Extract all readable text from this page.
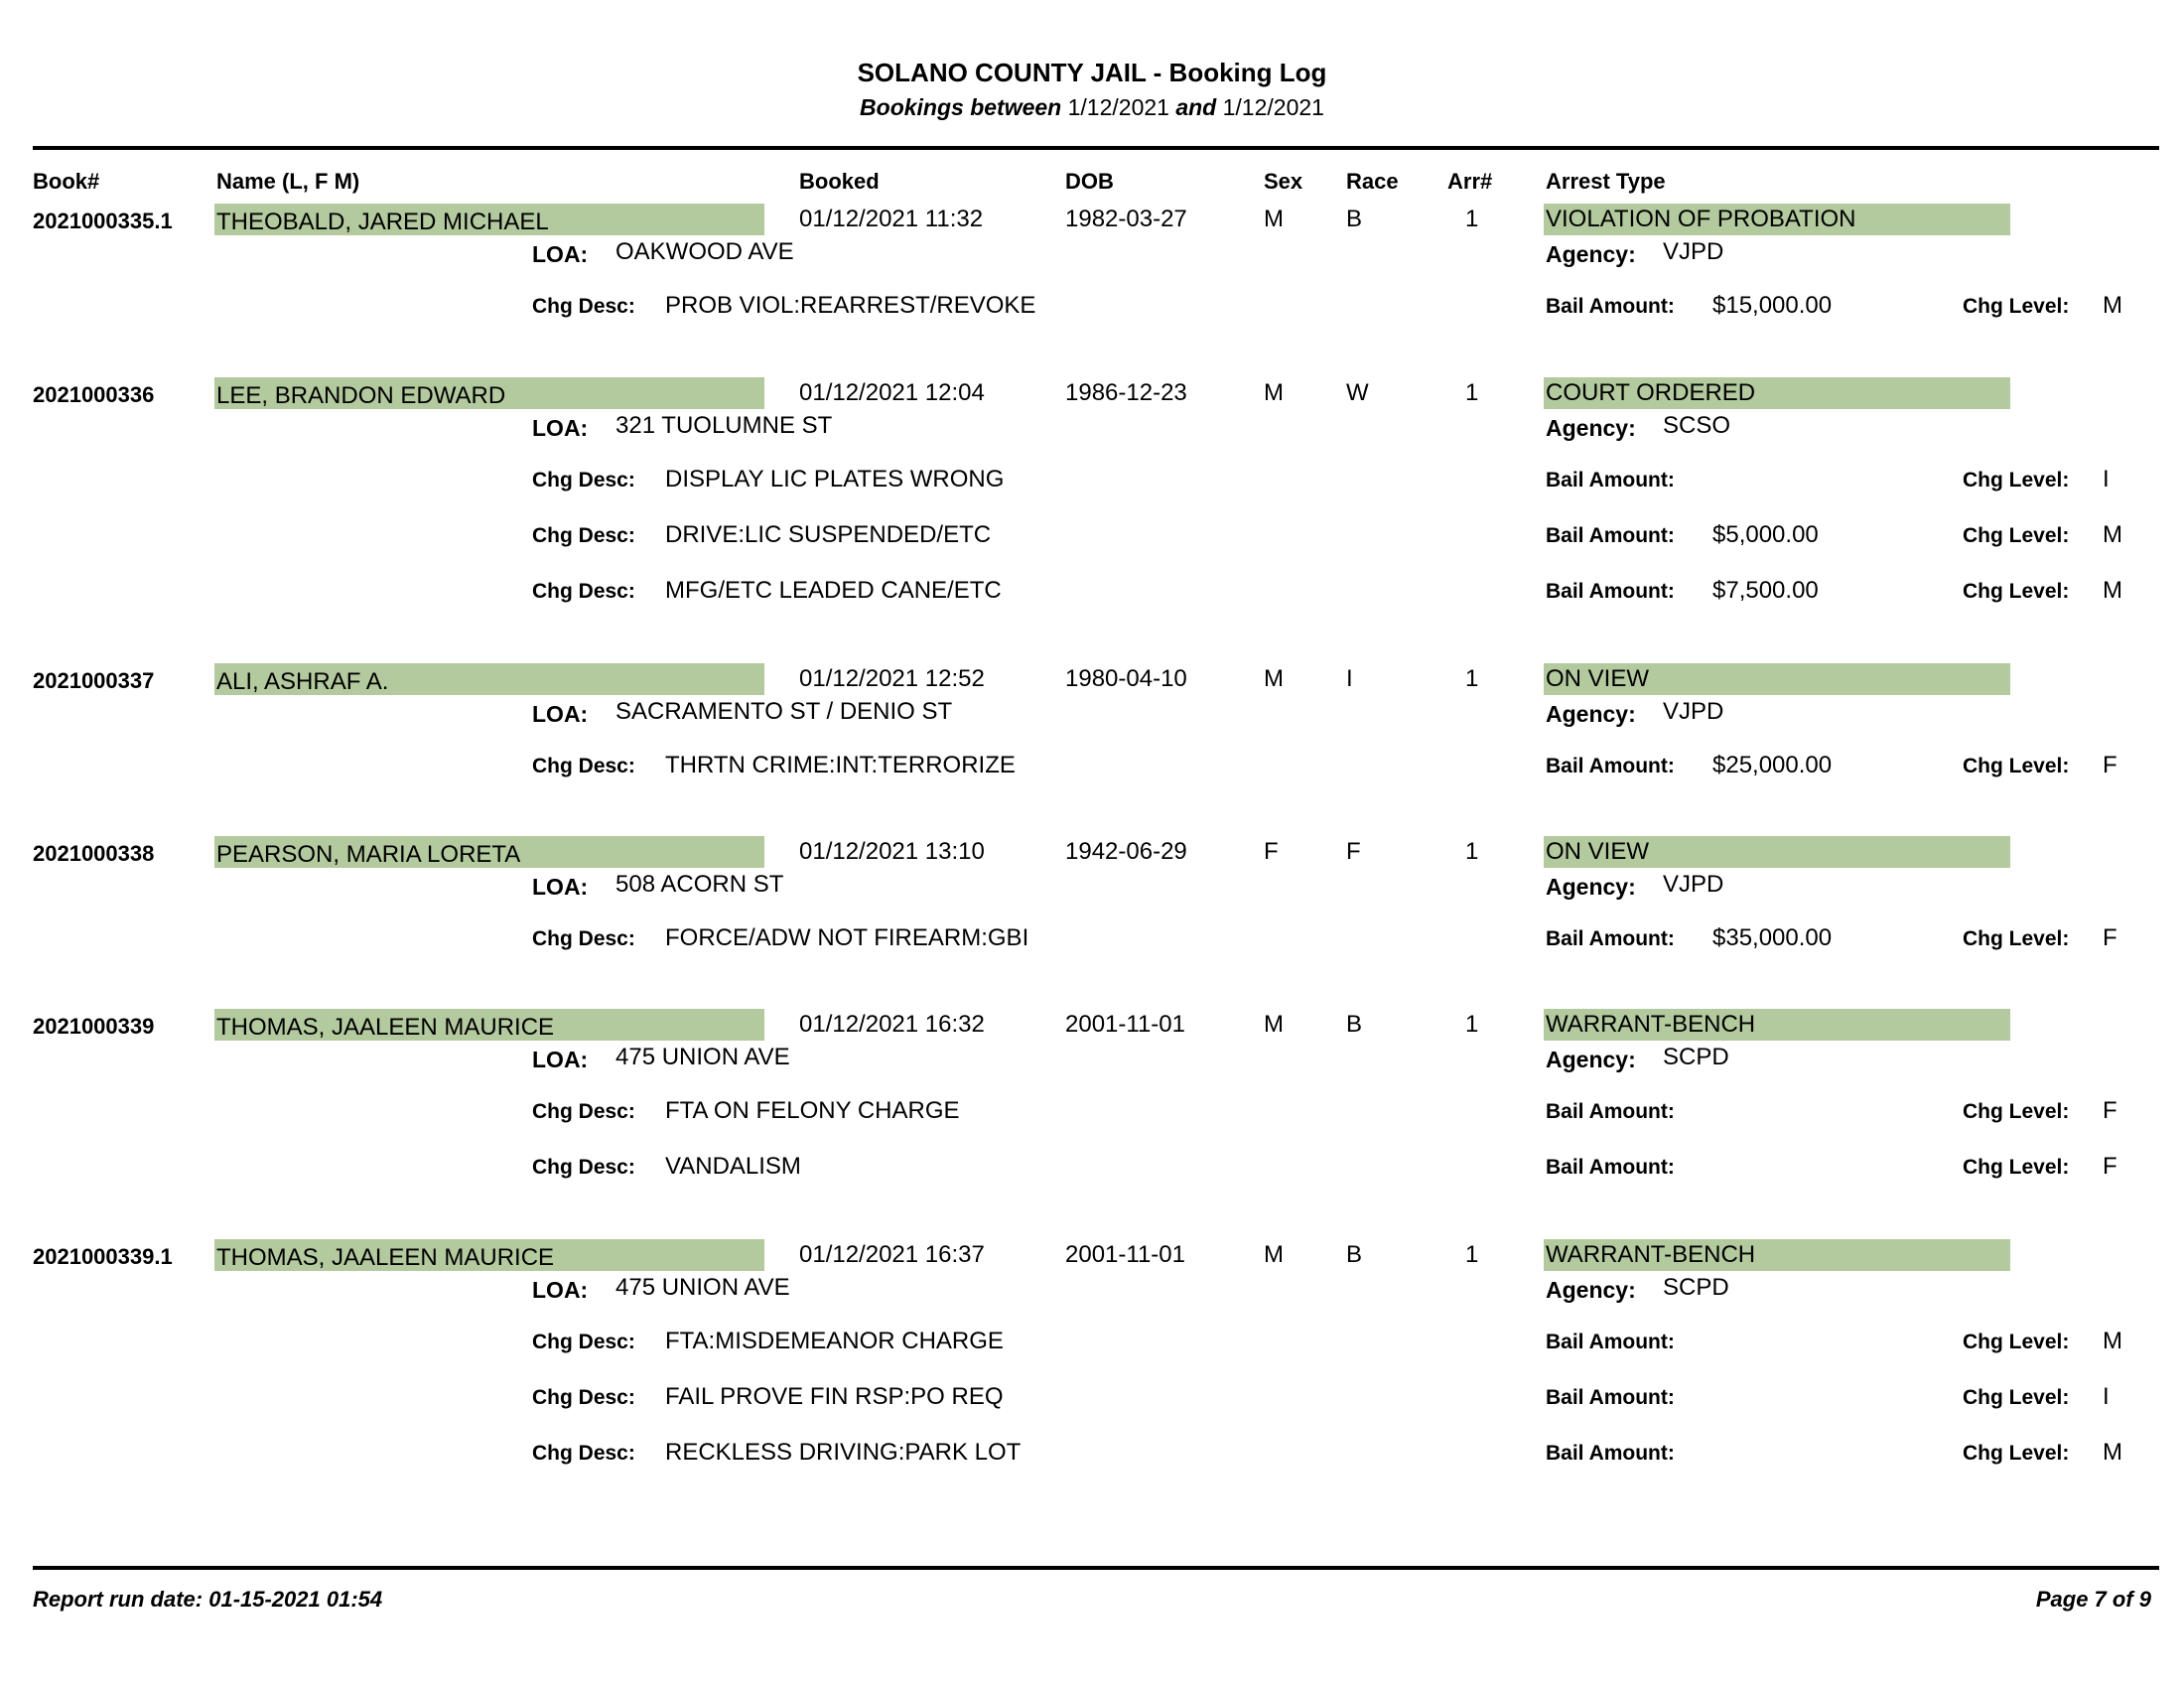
SOLANO COUNTY JAIL - Booking Log
Bookings between 1/12/2021 and 1/12/2021
Book#	Name (L, F M)	Booked	DOB	Sex Race Arr# Arrest Type
2021000335.1 THEOBALD, JARED MICHAEL	01/12/2021 11:32	1982-03-27	M	B	1	VIOLATION OF PROBATION
LOA: OAKWOOD AVE	Agency: VJPD
Chg Desc: PROB VIOL:REARREST/REVOKE	Bail Amount: $15,000.00	Chg Level: M
2021000336	LEE, BRANDON EDWARD	01/12/2021 12:04	1986-12-23	M	W	1	COURT ORDERED
LOA: 321 TUOLUMNE ST	Agency: SCSO
Chg Desc: DISPLAY LIC PLATES WRONG	Bail Amount:	Chg Level: I
Chg Desc: DRIVE:LIC SUSPENDED/ETC	Bail Amount: $5,000.00	Chg Level: M
Chg Desc: MFG/ETC LEADED CANE/ETC	Bail Amount: $7,500.00	Chg Level: M
2021000337	ALI, ASHRAF A.	01/12/2021 12:52	1980-04-10	M	I	1	ON VIEW
LOA: SACRAMENTO ST / DENIO ST	Agency: VJPD
Chg Desc: THRTN CRIME:INT:TERRORIZE	Bail Amount: $25,000.00	Chg Level: F
2021000338	PEARSON, MARIA LORETA	01/12/2021 13:10	1942-06-29	F	F	1	ON VIEW
LOA: 508 ACORN ST	Agency: VJPD
Chg Desc: FORCE/ADW NOT FIREARM:GBI	Bail Amount: $35,000.00	Chg Level: F
2021000339	THOMAS, JAALEEN MAURICE	01/12/2021 16:32	2001-11-01	M	B	1	WARRANT-BENCH
LOA: 475 UNION AVE	Agency: SCPD
Chg Desc: FTA ON FELONY CHARGE	Bail Amount:	Chg Level: F
Chg Desc: VANDALISM	Bail Amount:	Chg Level: F
2021000339.1 THOMAS, JAALEEN MAURICE	01/12/2021 16:37	2001-11-01	M	B	1	WARRANT-BENCH
LOA: 475 UNION AVE	Agency: SCPD
Chg Desc: FTA:MISDEMEANOR CHARGE	Bail Amount:	Chg Level: M
Chg Desc: FAIL PROVE FIN RSP:PO REQ	Bail Amount:	Chg Level: I
Chg Desc: RECKLESS DRIVING:PARK LOT	Bail Amount:	Chg Level: M
Report run date: 01-15-2021 01:54	Page 7 of 9
